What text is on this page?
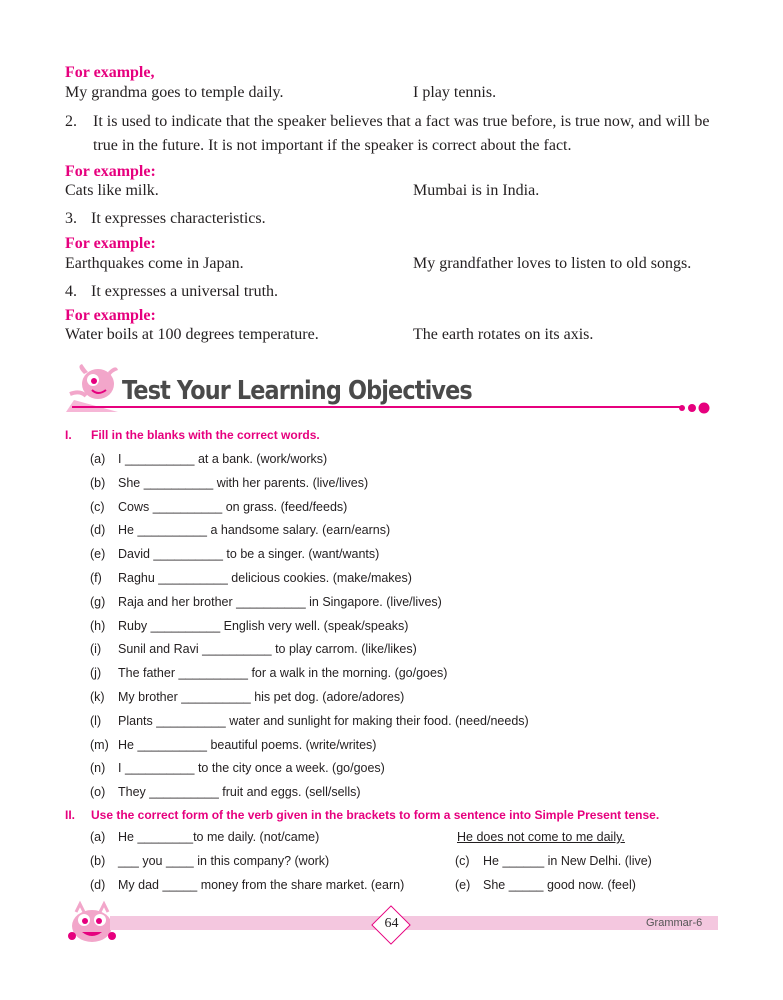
For example,
My grandma goes to temple daily.	I play tennis.
2. It is used to indicate that the speaker believes that a fact was true before, is true now, and will be true in the future. It is not important if the speaker is correct about the fact.
For example:
Cats like milk.	Mumbai is in India.
3. It expresses characteristics.
For example:
Earthquakes come in Japan.	My grandfather loves to listen to old songs.
4. It expresses a universal truth.
For example:
Water boils at 100 degrees temperature.	The earth rotates on its axis.
Test Your Learning Objectives
I. Fill in the blanks with the correct words.
(a) I __________ at a bank. (work/works)
(b) She __________ with her parents. (live/lives)
(c) Cows __________ on grass. (feed/feeds)
(d) He __________ a handsome salary. (earn/earns)
(e) David __________ to be a singer. (want/wants)
(f) Raghu __________ delicious cookies. (make/makes)
(g) Raja and her brother __________ in Singapore. (live/lives)
(h) Ruby __________ English very well. (speak/speaks)
(i) Sunil and Ravi __________ to play carrom. (like/likes)
(j) The father __________ for a walk in the morning. (go/goes)
(k) My brother __________ his pet dog. (adore/adores)
(l) Plants __________ water and sunlight for making their food. (need/needs)
(m) He __________ beautiful poems. (write/writes)
(n) I __________ to the city once a week. (go/goes)
(o) They __________ fruit and eggs. (sell/sells)
II. Use the correct form of the verb given in the brackets to form a sentence into Simple Present tense.
(a) He ________to me daily. (not/came)	He does not come to me daily.
(b) ___ you ____ in this company? (work)	(c) He ______ in New Delhi. (live)
(d) My dad _____ money from the share market. (earn)	(e) She _____ good now. (feel)
64	Grammar-6
